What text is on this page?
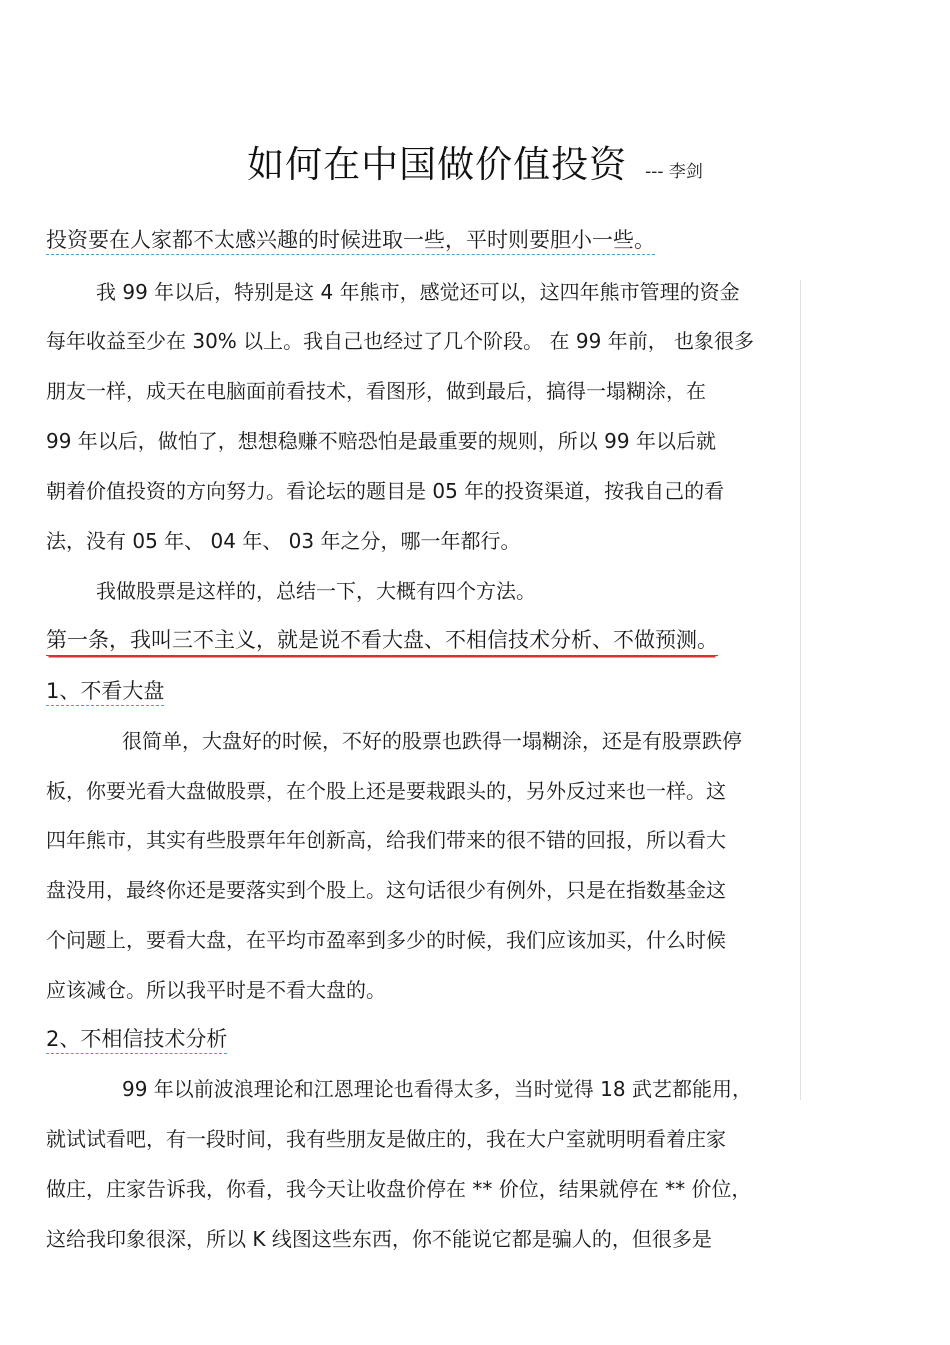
如何在中国做价值投资 --- 李剑
投资要在人家都不太感兴趣的时候进取一些，平时则要胆小一些。
我 99 年以后，特别是这 4 年熊市，感觉还可以，这四年熊市管理的资金
每年收益至少在 30% 以上。我自己也经过了几个阶段。 在 99 年前， 也象很多
朋友一样，成天在电脑面前看技术，看图形，做到最后，搞得一塌糊涂，在
99 年以后，做怕了，想想稳赚不赔恐怕是最重要的规则，所以 99 年以后就
朝着价值投资的方向努力。看论坛的题目是 05 年的投资渠道，按我自己的看
法，没有 05 年、 04 年、 03 年之分，哪一年都行。
我做股票是这样的，总结一下，大概有四个方法。
第一条，我叫三不主义，就是说不看大盘、不相信技术分析、不做预测。
1、不看大盘
很简单，大盘好的时候，不好的股票也跌得一塌糊涂，还是有股票跌停
板，你要光看大盘做股票，在个股上还是要栽跟头的，另外反过来也一样。这
四年熊市，其实有些股票年年创新高，给我们带来的很不错的回报，所以看大
盘没用，最终你还是要落实到个股上。这句话很少有例外，只是在指数基金这
个问题上，要看大盘，在平均市盈率到多少的时候，我们应该加买，什么时候
应该减仓。所以我平时是不看大盘的。
2、不相信技术分析
99 年以前波浪理论和江恩理论也看得太多，当时觉得 18 武艺都能用，
就试试看吧，有一段时间，我有些朋友是做庄的，我在大户室就明明看着庄家
做庄，庄家告诉我，你看，我今天让收盘价停在 ** 价位，结果就停在 ** 价位，
这给我印象很深，所以 K 线图这些东西，你不能说它都是骗人的，但很多是
